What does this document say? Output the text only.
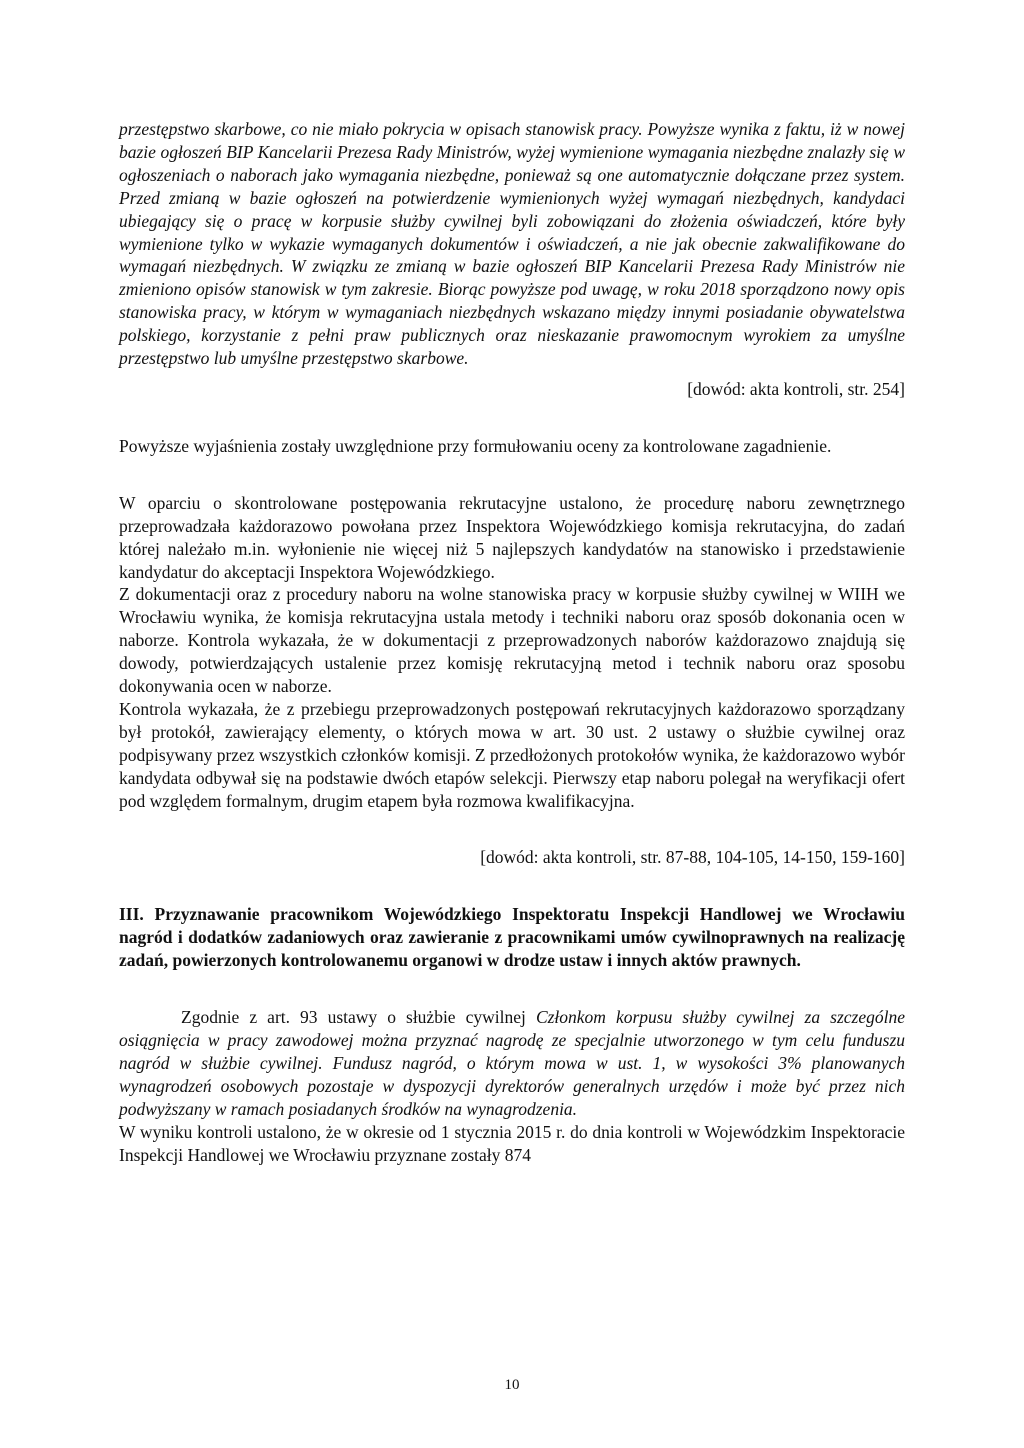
przestępstwo skarbowe, co nie miało pokrycia w opisach stanowisk pracy. Powyższe wynika z faktu, iż w nowej bazie ogłoszeń BIP Kancelarii Prezesa Rady Ministrów, wyżej wymienione wymagania niezbędne znalazły się w ogłoszeniach o naborach jako wymagania niezbędne, ponieważ są one automatycznie dołączane przez system. Przed zmianą w bazie ogłoszeń na potwierdzenie wymienionych wyżej wymagań niezbędnych, kandydaci ubiegający się o pracę w korpusie służby cywilnej byli zobowiązani do złożenia oświadczeń, które były wymienione tylko w wykazie wymaganych dokumentów i oświadczeń, a nie jak obecnie zakwalifikowane do wymagań niezbędnych. W związku ze zmianą w bazie ogłoszeń BIP Kancelarii Prezesa Rady Ministrów nie zmieniono opisów stanowisk w tym zakresie. Biorąc powyższe pod uwagę, w roku 2018 sporządzono nowy opis stanowiska pracy, w którym w wymaganiach niezbędnych wskazano między innymi posiadanie obywatelstwa polskiego, korzystanie z pełni praw publicznych oraz nieskazanie prawomocnym wyrokiem za umyślne przestępstwo lub umyślne przestępstwo skarbowe.

[dowód: akta kontroli, str. 254]

Powyższe wyjaśnienia zostały uwzględnione przy formułowaniu oceny za kontrolowane zagadnienie.

W oparciu o skontrolowane postępowania rekrutacyjne ustalono, że procedurę naboru zewnętrznego przeprowadzała każdorazowo powołana przez Inspektora Wojewódzkiego komisja rekrutacyjna, do zadań której należało m.in. wyłonienie nie więcej niż 5 najlepszych kandydatów na stanowisko i przedstawienie kandydatur do akceptacji Inspektora Wojewódzkiego.

Z dokumentacji oraz z procedury naboru na wolne stanowiska pracy w korpusie służby cywilnej w WIIH we Wrocławiu wynika, że komisja rekrutacyjna ustala metody i techniki naboru oraz sposób dokonania ocen w naborze. Kontrola wykazała, że w dokumentacji z przeprowadzonych naborów każdorazowo znajdują się dowody, potwierdzających ustalenie przez komisję rekrutacyjną metod i technik naboru oraz sposobu dokonywania ocen w naborze.

Kontrola wykazała, że z przebiegu przeprowadzonych postępowań rekrutacyjnych każdorazowo sporządzany był protokół, zawierający elementy, o których mowa w art. 30 ust. 2 ustawy o służbie cywilnej oraz podpisywany przez wszystkich członków komisji. Z przedłożonych protokołów wynika, że każdorazowo wybór kandydata odbywał się na podstawie dwóch etapów selekcji. Pierwszy etap naboru polegał na weryfikacji ofert pod względem formalnym, drugim etapem była rozmowa kwalifikacyjna.

[dowód: akta kontroli, str. 87-88, 104-105, 14-150, 159-160]

III. Przyznawanie pracownikom Wojewódzkiego Inspektoratu Inspekcji Handlowej we Wrocławiu nagród i dodatków zadaniowych oraz zawieranie z pracownikami umów cywilnoprawnych na realizację zadań, powierzonych kontrolowanemu organowi w drodze ustaw i innych aktów prawnych.

Zgodnie z art. 93 ustawy o służbie cywilnej Członkom korpusu służby cywilnej za szczególne osiągnięcia w pracy zawodowej można przyznać nagrodę ze specjalnie utworzonego w tym celu funduszu nagród w służbie cywilnej. Fundusz nagród, o którym mowa w ust. 1, w wysokości 3% planowanych wynagrodzeń osobowych pozostaje w dyspozycji dyrektorów generalnych urzędów i może być przez nich podwyższany w ramach posiadanych środków na wynagrodzenia.

W wyniku kontroli ustalono, że w okresie od 1 stycznia 2015 r. do dnia kontroli w Wojewódzkim Inspektoracie Inspekcji Handlowej we Wrocławiu przyznane zostały 874

10
